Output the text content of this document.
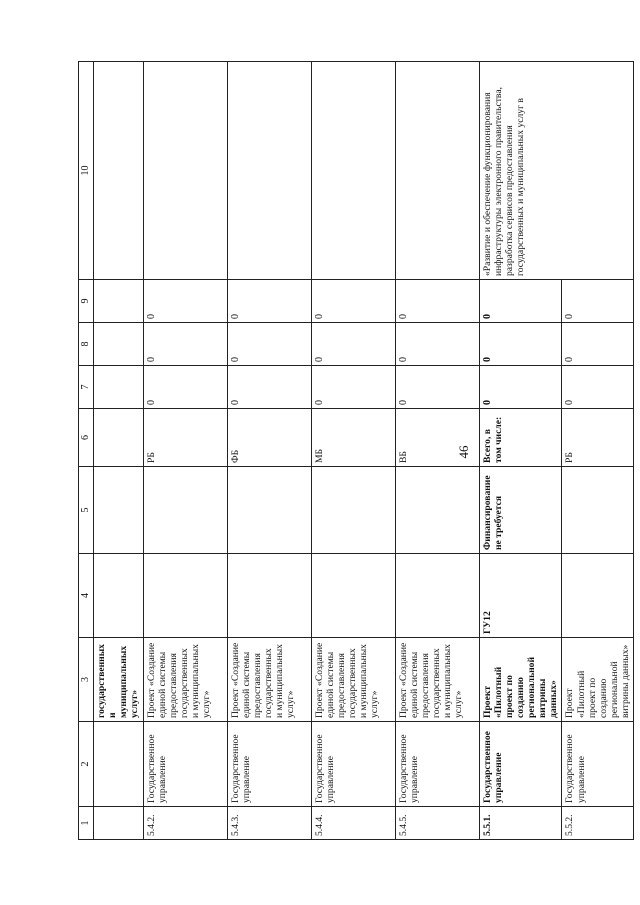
46
1	2	3	4	5	6	7	8	9	10
		государственных и муниципальных услуг»							
5.4.2.	Государственное управление	Проект «Создание единой системы предоставления государственных и муниципальных услуг»			РБ	0	0	0	
5.4.3.	Государственное управление	Проект «Создание единой системы предоставления государственных и муниципальных услуг»			ФБ	0	0	0	
5.4.4.	Государственное управление	Проект «Создание единой системы предоставления государственных и муниципальных услуг»			МБ	0	0	0	
5.4.5.	Государственное управление	Проект «Создание единой системы предоставления государственных и муниципальных услуг»			ВБ	0	0	0	
5.5.1.	Государственное управление	Проект «Пилотный проект по созданию региональной витрины данных»	ГУ12	Финансирование не требуется	Всего, в том числе:	0	0	0	«Развитие и обеспечение функционирования инфраструктуры электронного правительства, разработка сервисов предоставления государственных и муниципальных услуг в
5.5.2.	Государственное управление	Проект «Пилотный проект по созданию региональной витрины данных»			РБ	0	0	0	
